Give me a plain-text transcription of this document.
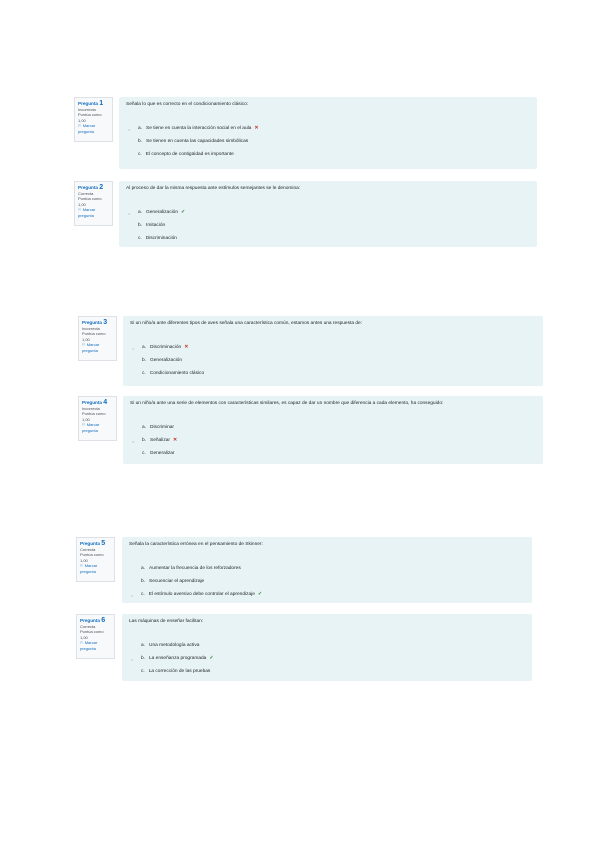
Pregunta 1
Incorrecta
Puntúa como 1,00
⚐ Marcar pregunta

Señala lo que es correcto en el condicionamiento clásico:

○ a. Se tiene en cuenta la interacción social en el aula ✕
b. Se tienen en cuenta las capacidades simbólicas
c. El concepto de contigüidad es importante
Pregunta 2
Correcta
Puntúa como 1,00
⚐ Marcar pregunta

Al proceso de dar la misma respuesta ante estímulos semejantes se le denomina:

○ a. Generalización ✓
b. Imitación
c. Discriminación
Pregunta 3
Incorrecta
Puntúa como 1,00
⚐ Marcar pregunta

Si un niño/a ante diferentes tipos de aves señala una característica común, estamos antes una respuesta de:

○ a. Discriminación ✕
b. Generalización
c. Condicionamiento clásico
Pregunta 4
Incorrecta
Puntúa como 1,00
⚐ Marcar pregunta

Si un niño/a ante una serie de elementos con características similares, es capaz de dar un nombre que diferencia a cada elemento, ha conseguido:

a. Discriminar
○ b. Señalizar ✕
c. Generalizar
Pregunta 5
Correcta
Puntúa como 1,00
⚐ Marcar pregunta

Señala la característica errónea en el pensamiento de Skinner:

a. Aumentar la frecuencia de los reforzadores
b. Secuenciar el aprendizaje
○ c. El estímulo aversivo debe controlar el aprendizaje ✓
Pregunta 6
Correcta
Puntúa como 1,00
⚐ Marcar pregunta

Las máquinas de enseñar facilitan:

a. Una metodología activa
○ b. La enseñanza programada ✓
c. La corrección de las pruebas
